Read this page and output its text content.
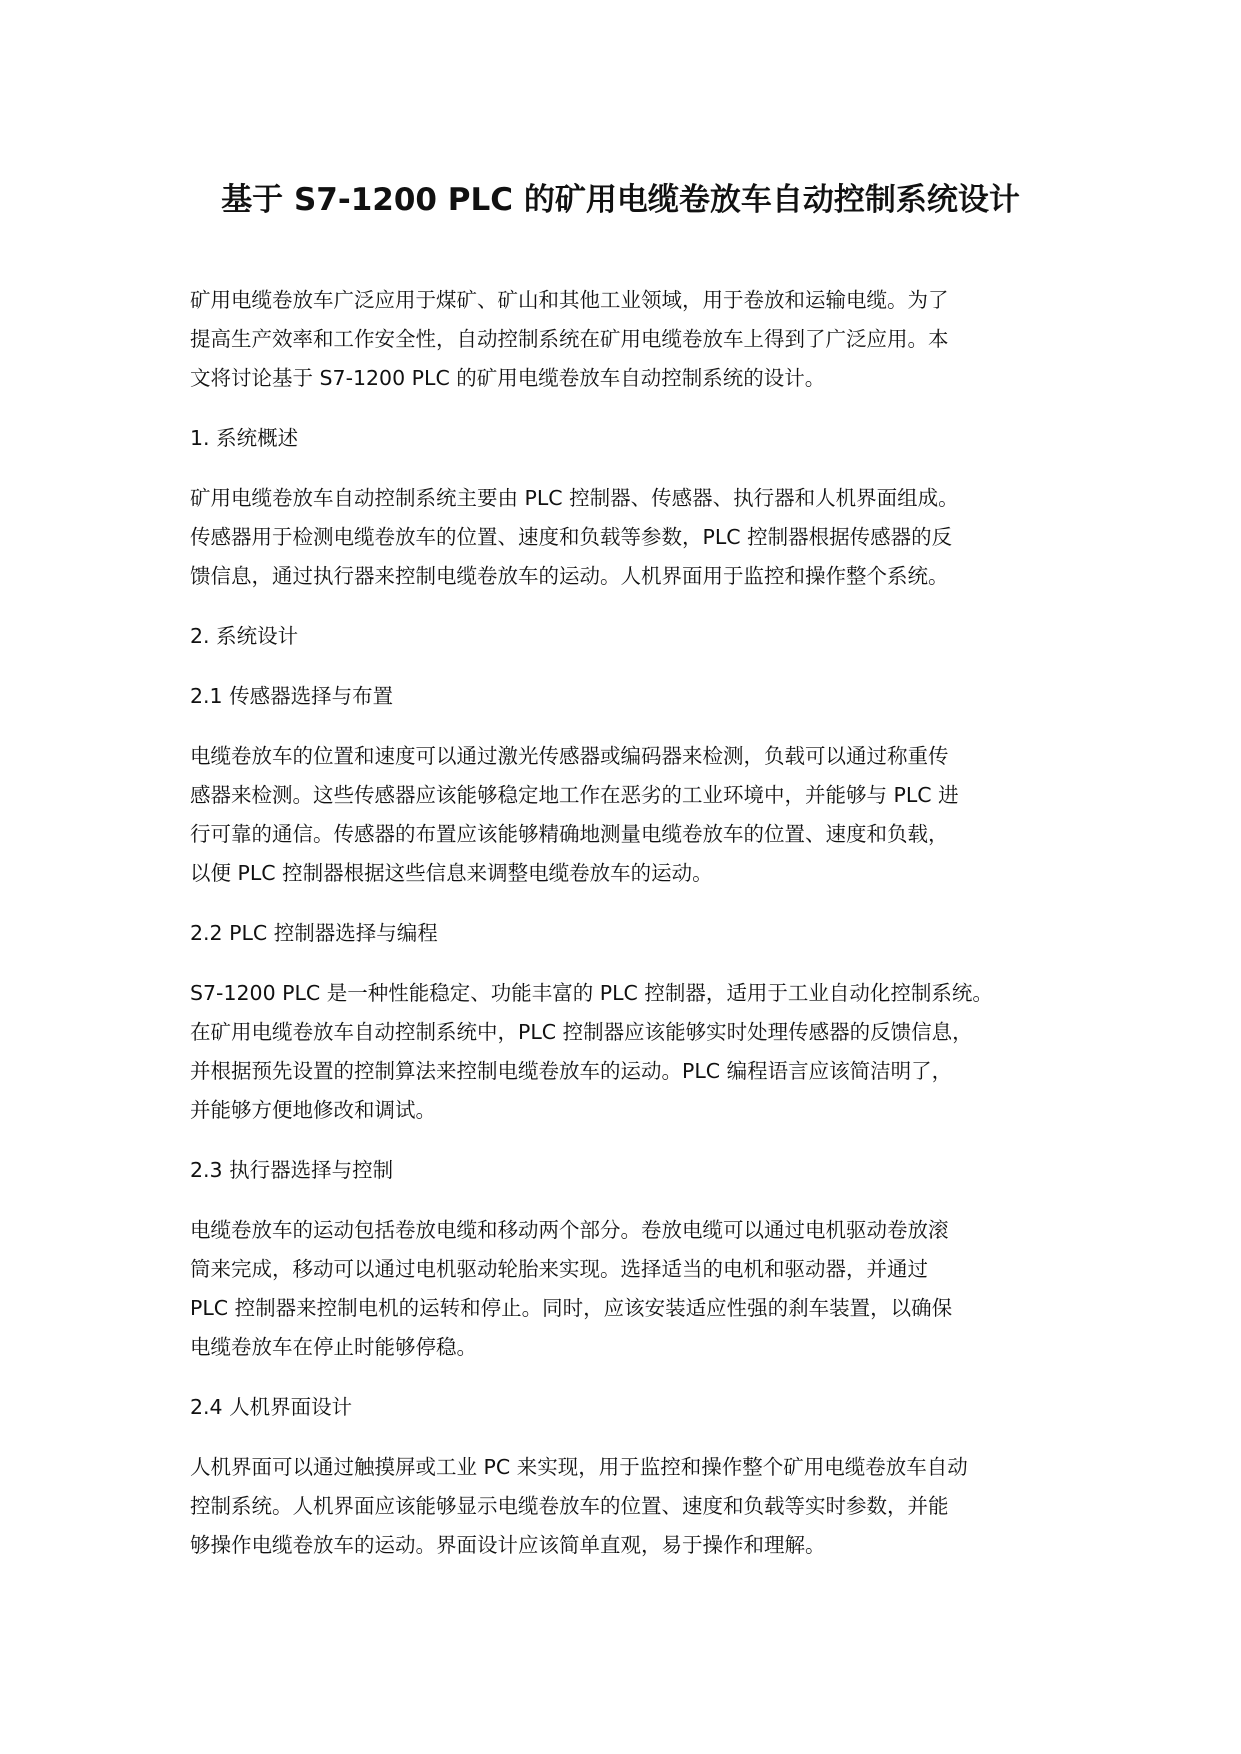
基于 S7-1200 PLC 的矿用电缆卷放车自动控制系统设计
矿用电缆卷放车广泛应用于煤矿、矿山和其他工业领域，用于卷放和运输电缆。为了
提高生产效率和工作安全性，自动控制系统在矿用电缆卷放车上得到了广泛应用。本
文将讨论基于 S7-1200 PLC 的矿用电缆卷放车自动控制系统的设计。
1. 系统概述
矿用电缆卷放车自动控制系统主要由 PLC 控制器、传感器、执行器和人机界面组成。
传感器用于检测电缆卷放车的位置、速度和负载等参数，PLC 控制器根据传感器的反
馈信息，通过执行器来控制电缆卷放车的运动。人机界面用于监控和操作整个系统。
2. 系统设计
2.1 传感器选择与布置
电缆卷放车的位置和速度可以通过激光传感器或编码器来检测，负载可以通过称重传
感器来检测。这些传感器应该能够稳定地工作在恶劣的工业环境中，并能够与 PLC 进
行可靠的通信。传感器的布置应该能够精确地测量电缆卷放车的位置、速度和负载，
以便 PLC 控制器根据这些信息来调整电缆卷放车的运动。
2.2 PLC 控制器选择与编程
S7-1200 PLC 是一种性能稳定、功能丰富的 PLC 控制器，适用于工业自动化控制系统。
在矿用电缆卷放车自动控制系统中，PLC 控制器应该能够实时处理传感器的反馈信息，
并根据预先设置的控制算法来控制电缆卷放车的运动。PLC 编程语言应该简洁明了，
并能够方便地修改和调试。
2.3 执行器选择与控制
电缆卷放车的运动包括卷放电缆和移动两个部分。卷放电缆可以通过电机驱动卷放滚
筒来完成，移动可以通过电机驱动轮胎来实现。选择适当的电机和驱动器，并通过
PLC 控制器来控制电机的运转和停止。同时，应该安装适应性强的刹车装置，以确保
电缆卷放车在停止时能够停稳。
2.4 人机界面设计
人机界面可以通过触摸屏或工业 PC 来实现，用于监控和操作整个矿用电缆卷放车自动
控制系统。人机界面应该能够显示电缆卷放车的位置、速度和负载等实时参数，并能
够操作电缆卷放车的运动。界面设计应该简单直观，易于操作和理解。
